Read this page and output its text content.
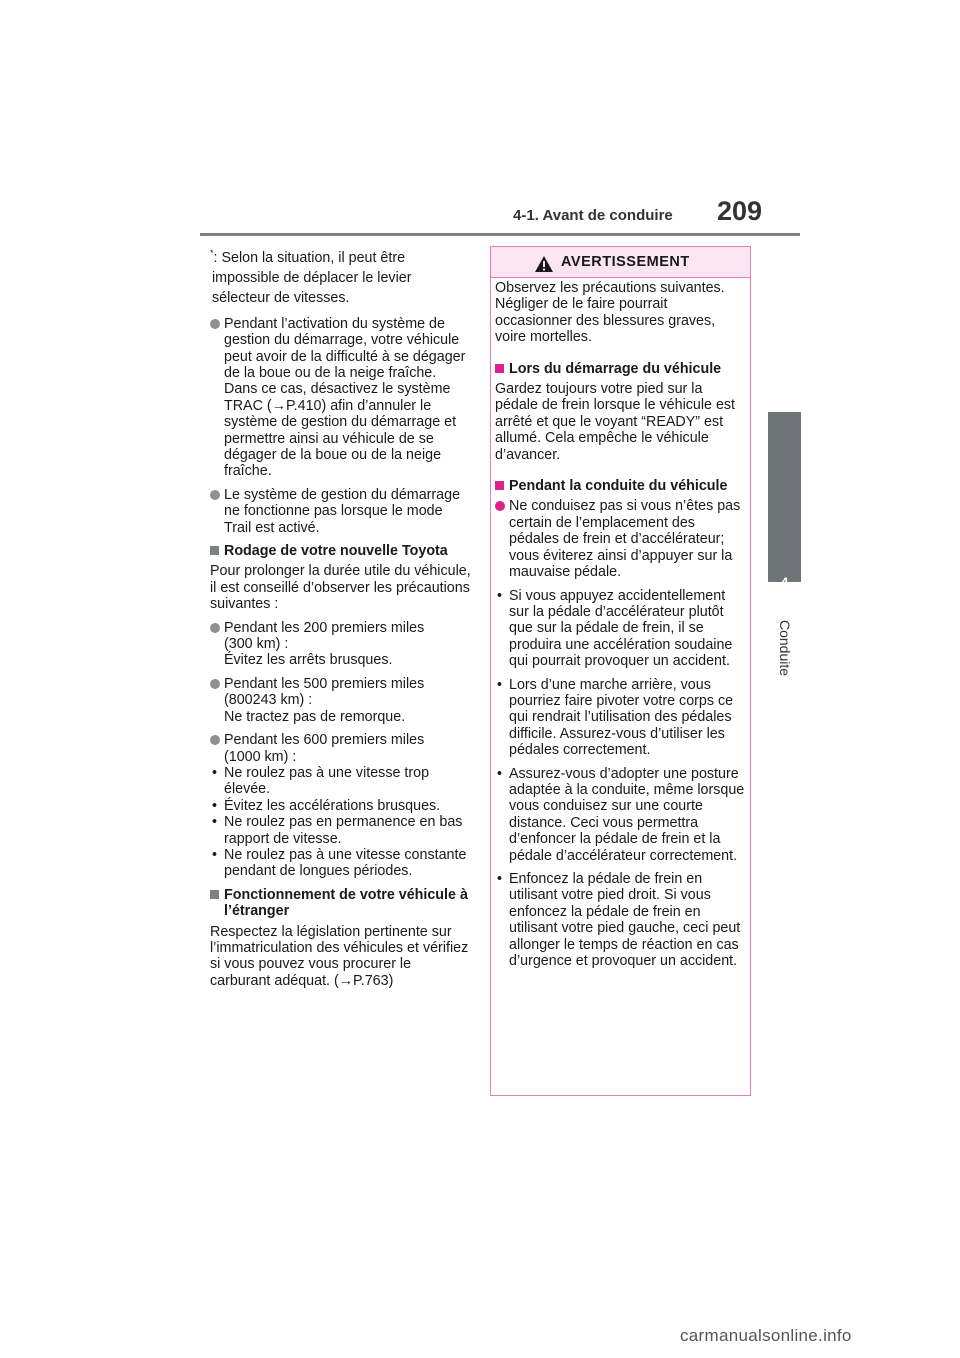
4-1. Avant de conduire 209
4
Conduite

*: Selon la situation, il peut être
impossible de déplacer le levier
sélecteur de vitesses.

Pendant l’activation du système de gestion du démarrage, votre véhicule peut avoir de la difficulté à se dégager de la boue ou de la neige fraîche. Dans ce cas, désactivez le système TRAC (→P.410) afin d’annuler le système de gestion du démarrage et permettre ainsi au véhicule de se dégager de la boue ou de la neige fraîche.

Le système de gestion du démarrage ne fonctionne pas lorsque le mode Trail est activé.

Rodage de votre nouvelle Toyota

Pour prolonger la durée utile du véhicule, il est conseillé d’observer les précautions suivantes :

Pendant les 200 premiers miles
(300 km) :
Évitez les arrêts brusques.
Pendant les 500 premiers miles
(800243 km) :
Ne tractez pas de remorque.
Pendant les 600 premiers miles
(1000 km) :

• Ne roulez pas à une vitesse trop élevée.

• Évitez les accélérations brusques.

• Ne roulez pas en permanence en bas rapport de vitesse.

• Ne roulez pas à une vitesse constante pendant de longues périodes.

Fonctionnement de votre véhicule à l’étranger

Respectez la législation pertinente sur l’immatriculation des véhicules et vérifiez si vous pouvez vous procurer le carburant adéquat. (→P.763)

AVERTISSEMENT

Observez les précautions suivantes. Négliger de le faire pourrait occasionner des blessures graves, voire mortelles.

Lors du démarrage du véhicule

Gardez toujours votre pied sur la pédale de frein lorsque le véhicule est arrêté et que le voyant “READY” est allumé. Cela empêche le véhicule d’avancer.

Pendant la conduite du véhicule

Ne conduisez pas si vous n’êtes pas certain de l’emplacement des pédales de frein et d’accélérateur; vous éviterez ainsi d’appuyer sur la mauvaise pédale.

• Si vous appuyez accidentellement sur la pédale d’accélérateur plutôt que sur la pédale de frein, il se produira une accélération soudaine qui pourrait provoquer un accident.

• Lors d’une marche arrière, vous pourriez faire pivoter votre corps ce qui rendrait l’utilisation des pédales difficile. Assurez-vous d’utiliser les pédales correctement.

• Assurez-vous d’adopter une posture adaptée à la conduite, même lorsque vous conduisez sur une courte distance. Ceci vous permettra d’enfoncer la pédale de frein et la pédale d’accélérateur correctement.

• Enfoncez la pédale de frein en utilisant votre pied droit. Si vous enfoncez la pédale de frein en utilisant votre pied gauche, ceci peut allonger le temps de réaction en cas d’urgence et provoquer un accident.

carmanualsonline.info
